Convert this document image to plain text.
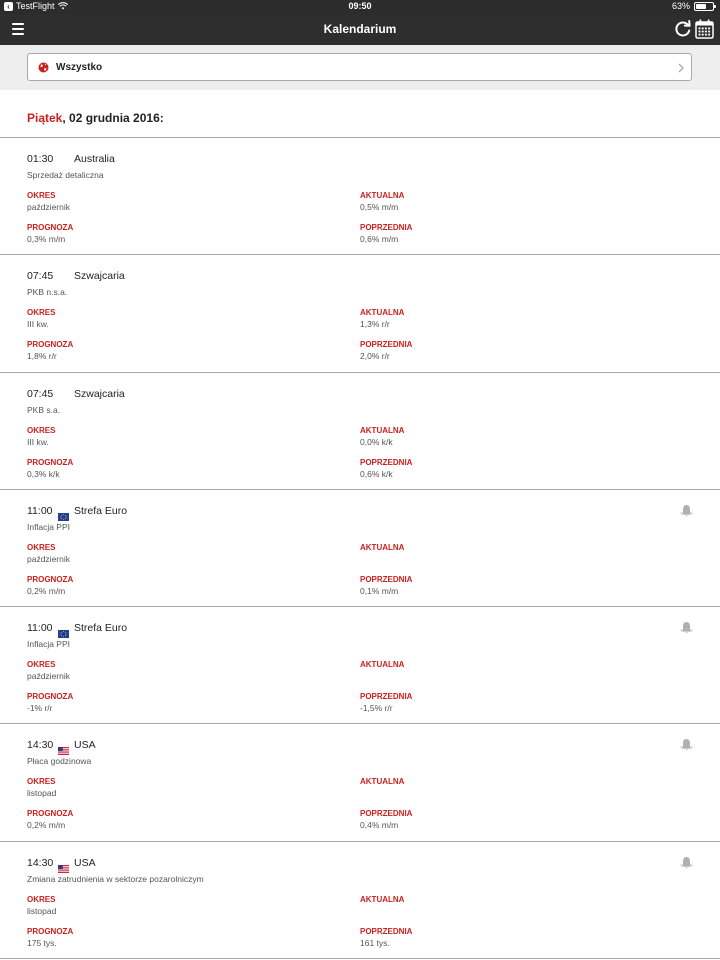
‹ TestFlight	09:50	63%
Kalendarium
Wszystko
Piątek, 02 grudnia 2016:
01:30 Australia
Sprzedaż detaliczna
OKRES
październik
AKTUALNA
0,5% m/m
PROGNOZA
0,3% m/m
POPRZEDNIA
0,6% m/m
07:45 Szwajcaria
PKB n.s.a.
OKRES
III kw.
AKTUALNA
1,3% r/r
PROGNOZA
1,8% r/r
POPRZEDNIA
2,0% r/r
07:45 Szwajcaria
PKB s.a.
OKRES
III kw.
AKTUALNA
0,0% k/k
PROGNOZA
0,3% k/k
POPRZEDNIA
0,6% k/k
11:00 Strefa Euro
Inflacja PPI
OKRES
październik
AKTUALNA
PROGNOZA
0,2% m/m
POPRZEDNIA
0,1% m/m
11:00 Strefa Euro
Inflacja PPI
OKRES
październik
AKTUALNA
PROGNOZA
-1% r/r
POPRZEDNIA
-1,5% r/r
14:30 USA
Płaca godzinowa
OKRES
listopad
AKTUALNA
PROGNOZA
0,2% m/m
POPRZEDNIA
0,4% m/m
14:30 USA
Zmiana zatrudnienia w sektorze pozarolniczym
OKRES
listopad
AKTUALNA
PROGNOZA
175 tys.
POPRZEDNIA
161 tys.
